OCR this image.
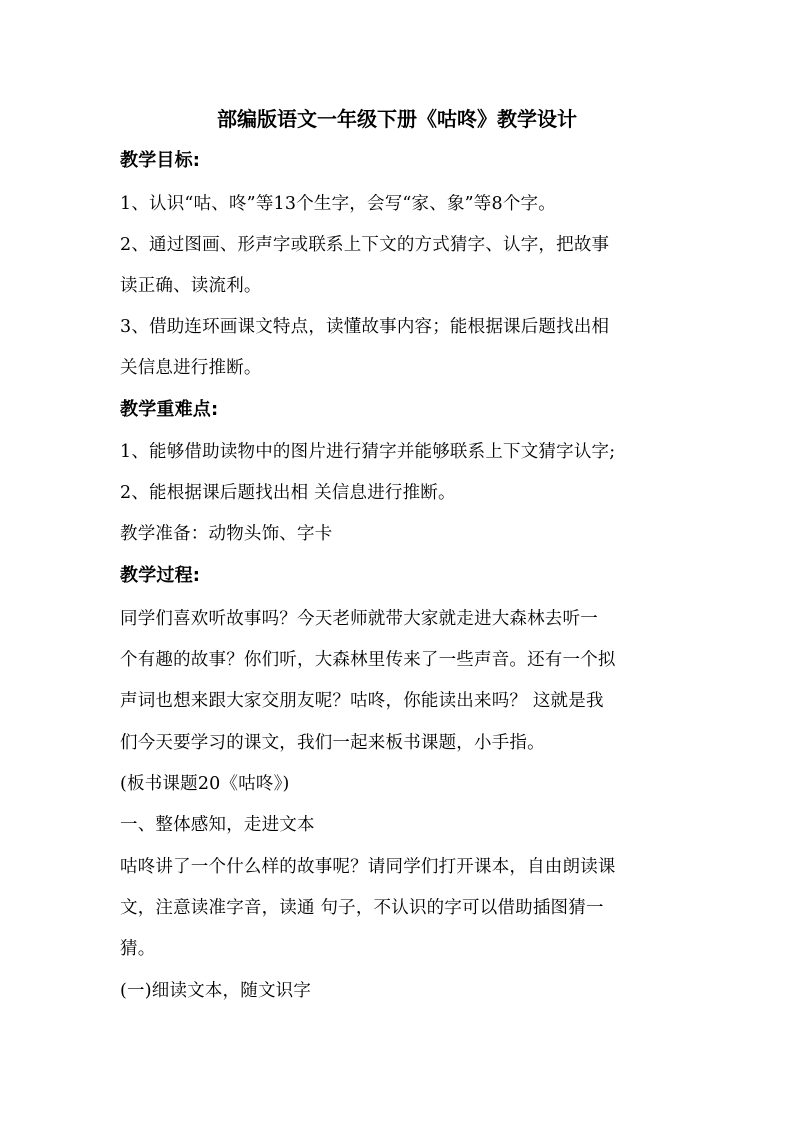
部编版语文一年级下册《咕咚》教学设计
教学目标:
1、认识“咕、咚”等13个生字，会写“家、象”等8个字。
2、通过图画、形声字或联系上下文的方式猜字、认字，把故事
读正确、读流利。
3、借助连环画课文特点，读懂故事内容；能根据课后题找出相
关信息进行推断。
教学重难点:
1、能够借助读物中的图片进行猜字并能够联系上下文猜字认字;
2、能根据课后题找出相 关信息进行推断。
教学准备：动物头饰、字卡
教学过程:
同学们喜欢听故事吗？今天老师就带大家就走进大森林去听一
个有趣的故事？你们听，大森林里传来了一些声音。还有一个拟
声词也想来跟大家交朋友呢？咕咚，你能读出来吗？ 这就是我
们今天要学习的课文，我们一起来板书课题，小手指。
(板书课题20《咕咚》)
一、整体感知，走进文本
咕咚讲了一个什么样的故事呢？请同学们打开课本，自由朗读课
文，注意读准字音，读通 句子，不认识的字可以借助插图猜一
猜。
(一)细读文本，随文识字
